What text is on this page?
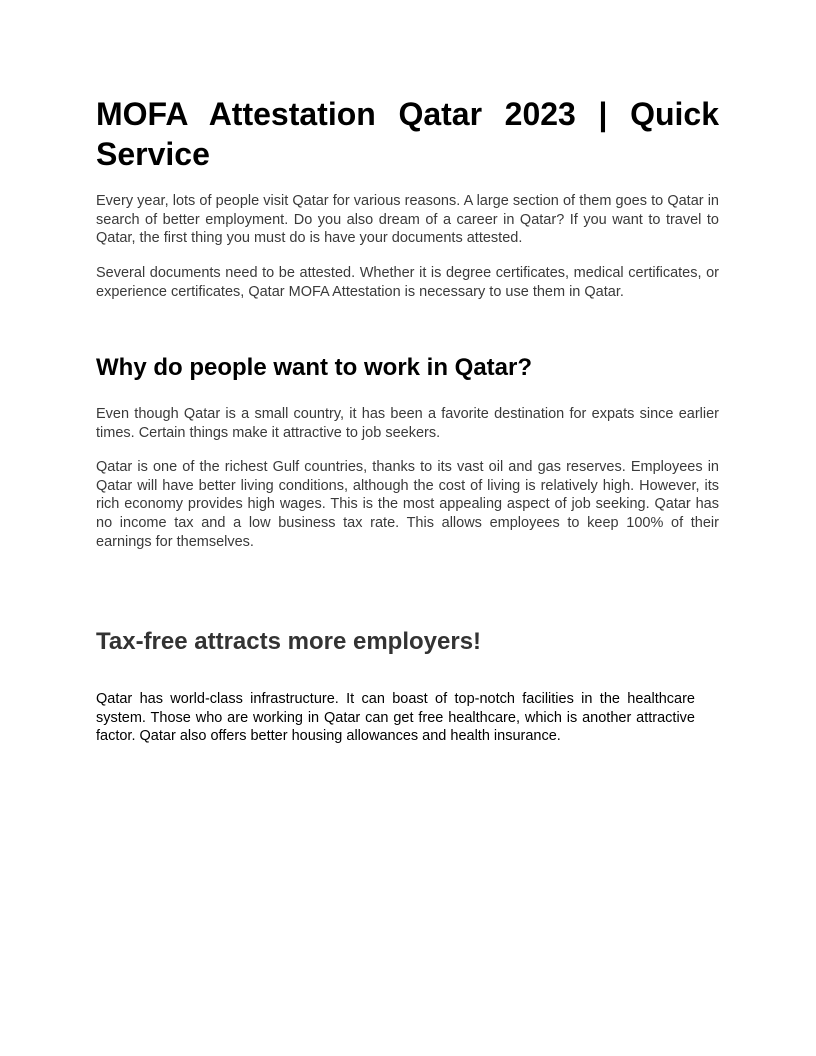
MOFA Attestation Qatar 2023 | Quick Service

Every year, lots of people visit Qatar for various reasons. A large section of them goes to Qatar in search of better employment. Do you also dream of a career in Qatar? If you want to travel to Qatar, the first thing you must do is have your documents attested.

Several documents need to be attested. Whether it is degree certificates, medical certificates, or experience certificates, Qatar MOFA Attestation is necessary to use them in Qatar.

Why do people want to work in Qatar?

Even though Qatar is a small country, it has been a favorite destination for expats since earlier times. Certain things make it attractive to job seekers.

Qatar is one of the richest Gulf countries, thanks to its vast oil and gas reserves. Employees in Qatar will have better living conditions, although the cost of living is relatively high. However, its rich economy provides high wages. This is the most appealing aspect of job seeking. Qatar has no income tax and a low business tax rate. This allows employees to keep 100% of their earnings for themselves.

Tax-free attracts more employers!

Qatar has world-class infrastructure. It can boast of top-notch facilities in the healthcare system. Those who are working in Qatar can get free healthcare, which is another attractive factor. Qatar also offers better housing allowances and health insurance.
